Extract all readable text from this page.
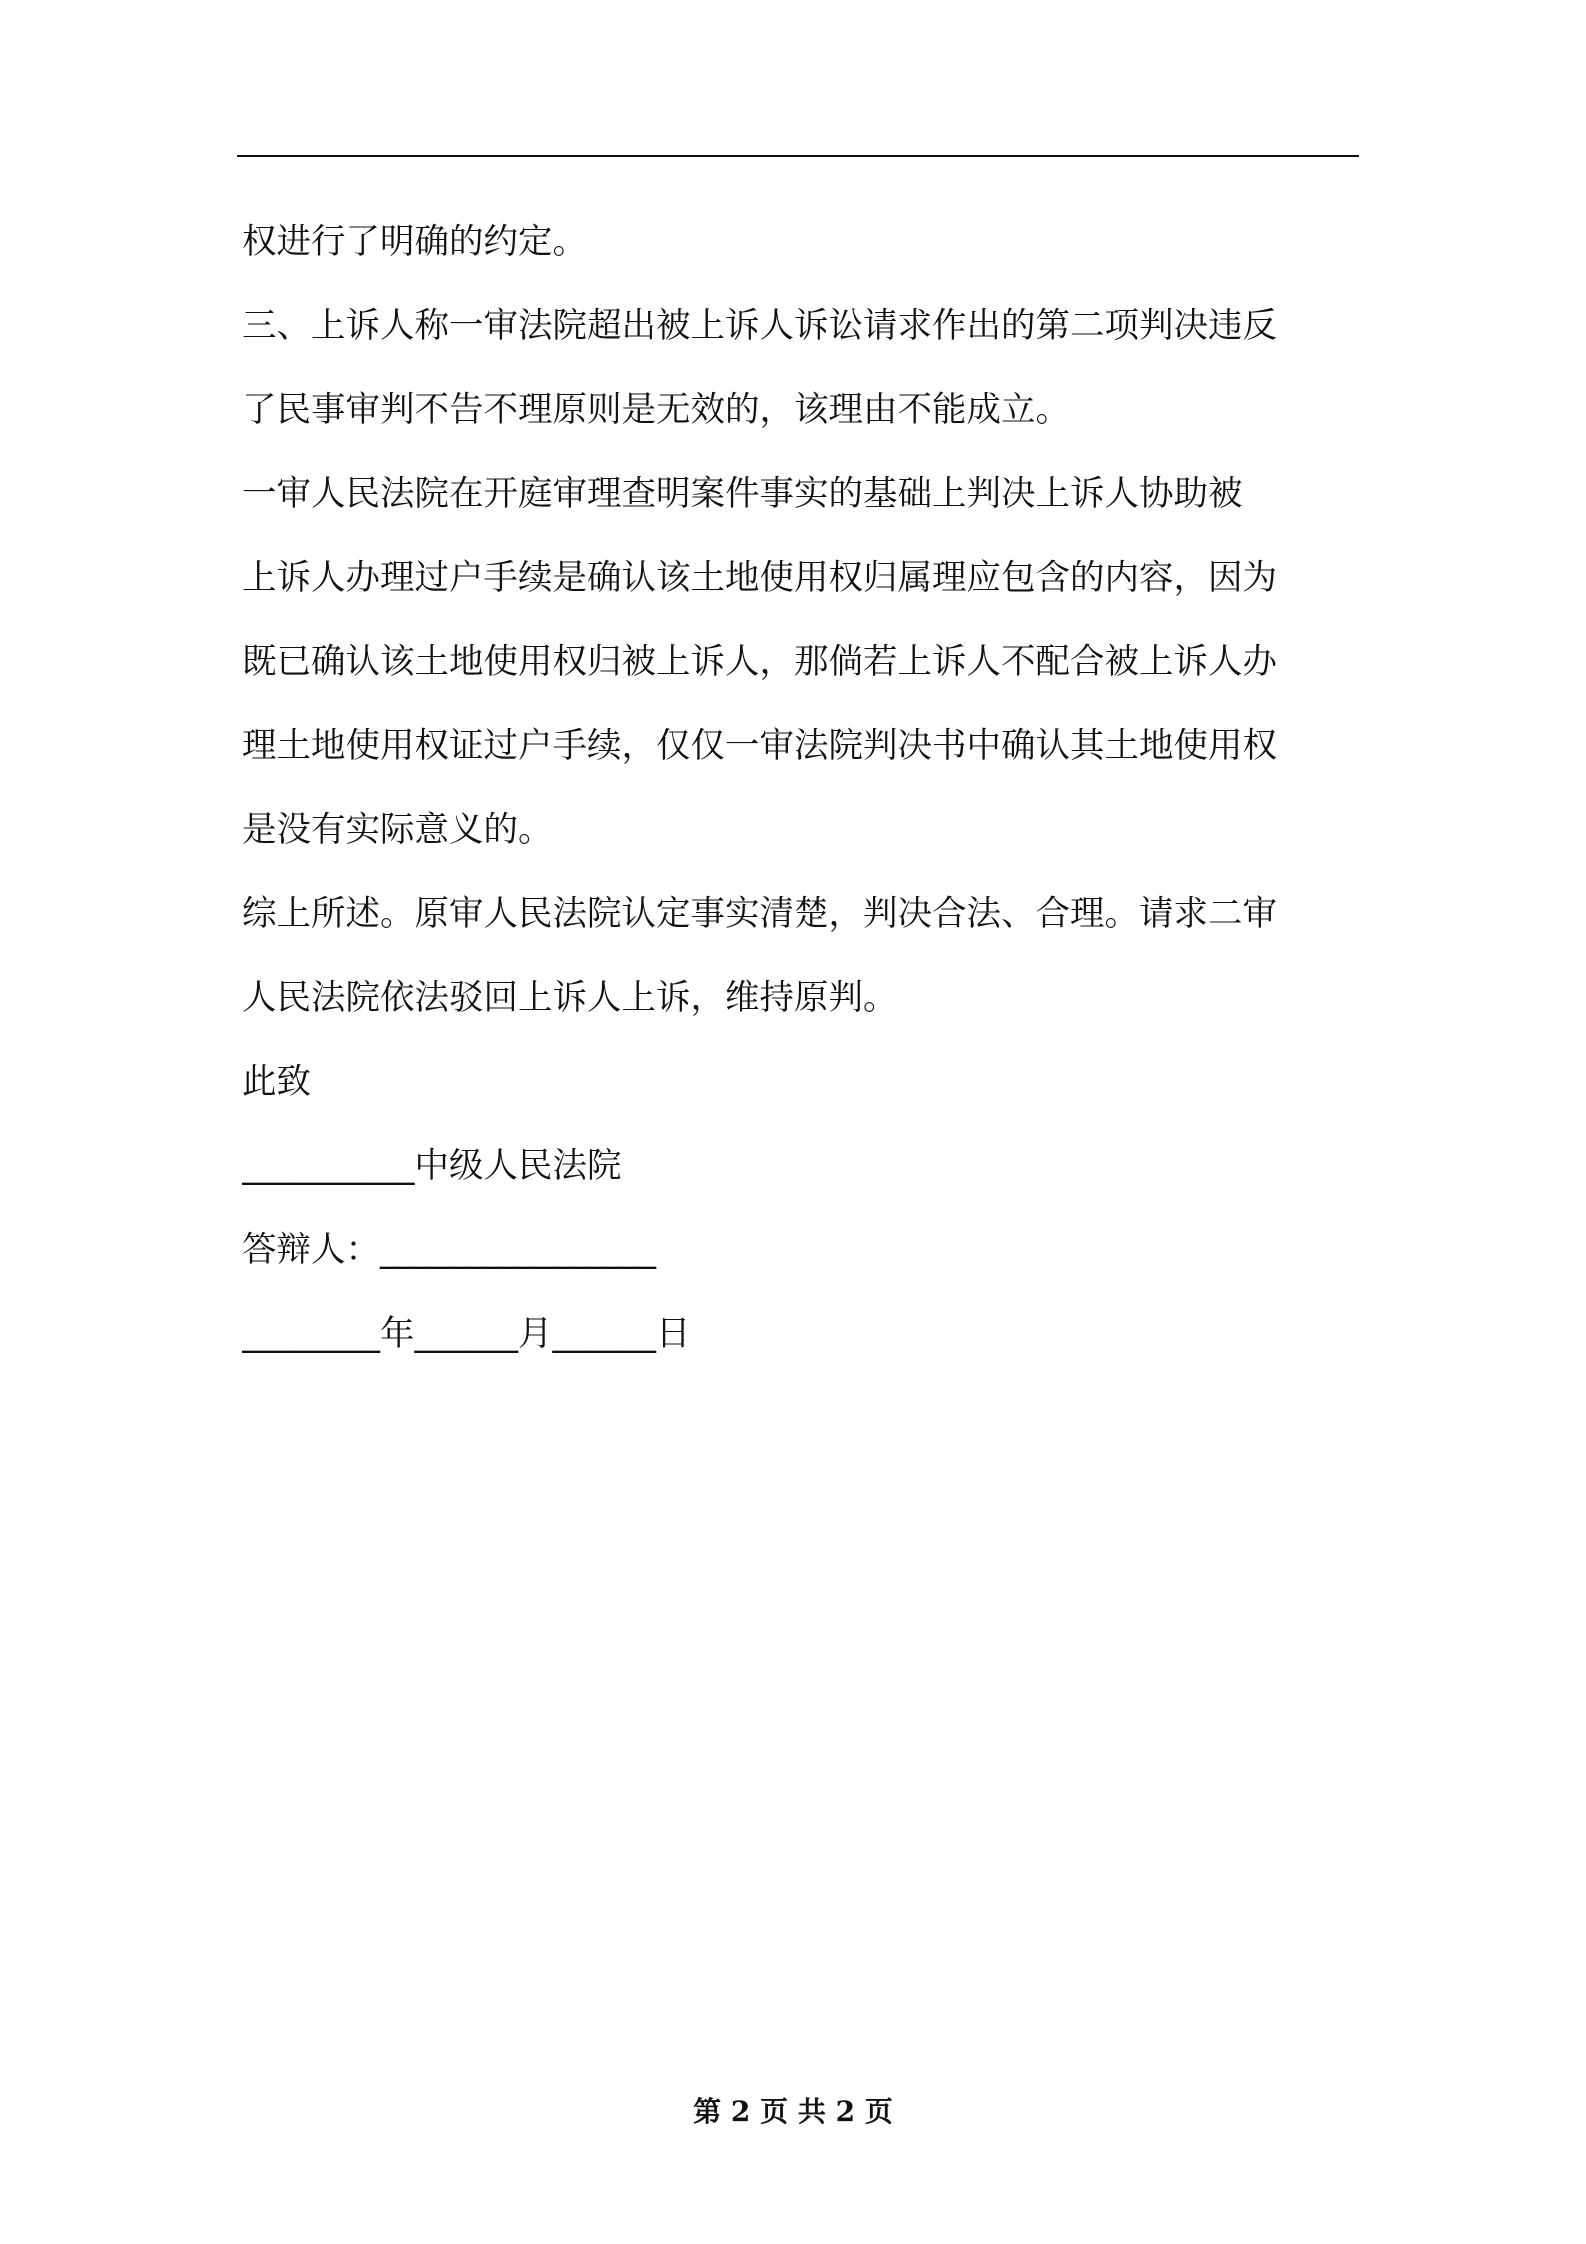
权进行了明确的约定。
三、上诉人称一审法院超出被上诉人诉讼请求作出的第二项判决违反
了民事审判不告不理原则是无效的，该理由不能成立。
一审人民法院在开庭审理查明案件事实的基础上判决上诉人协助被
上诉人办理过户手续是确认该土地使用权归属理应包含的内容，因为
既已确认该土地使用权归被上诉人，那倘若上诉人不配合被上诉人办
理土地使用权证过户手续，仅仅一审法院判决书中确认其土地使用权
是没有实际意义的。
综上所述。原审人民法院认定事实清楚，判决合法、合理。请求二审
人民法院依法驳回上诉人上诉，维持原判。
此致
__________中级人民法院
答辩人：________________
________年______月______日
第 2 页 共 2 页
